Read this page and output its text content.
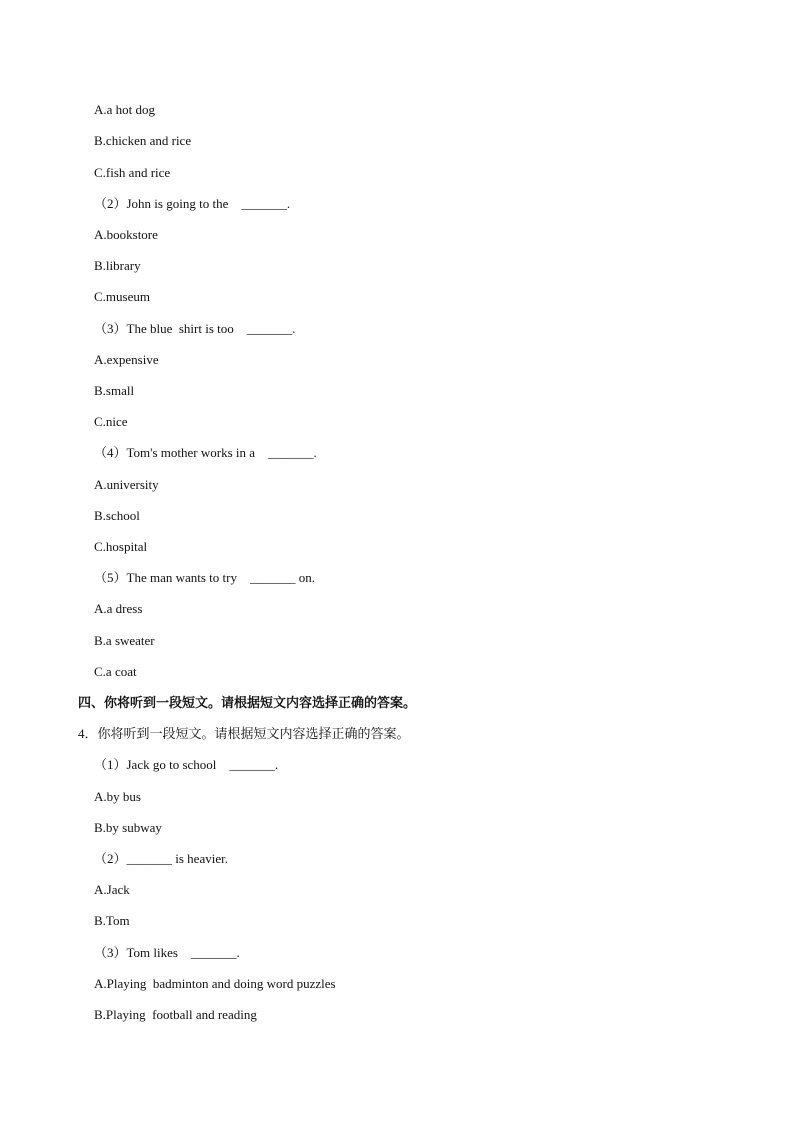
A.a hot dog
B.chicken and rice
C.fish and rice
（2）John is going to the    _______.
A.bookstore
B.library
C.museum
（3）The blue  shirt is too    _______.
A.expensive
B.small
C.nice
（4）Tom's mother works in a    _______.
A.university
B.school
C.hospital
（5）The man wants to try    _______ on.
A.a dress
B.a sweater
C.a coat
四、你将听到一段短文。请根据短文内容选择正确的答案。
4．你将听到一段短文。请根据短文内容选择正确的答案。
（1）Jack go to school    _______.
A.by bus
B.by subway
（2）_______ is heavier.
A.Jack
B.Tom
（3）Tom likes    _______.
A.Playing  badminton and doing word puzzles
B.Playing  football and reading
